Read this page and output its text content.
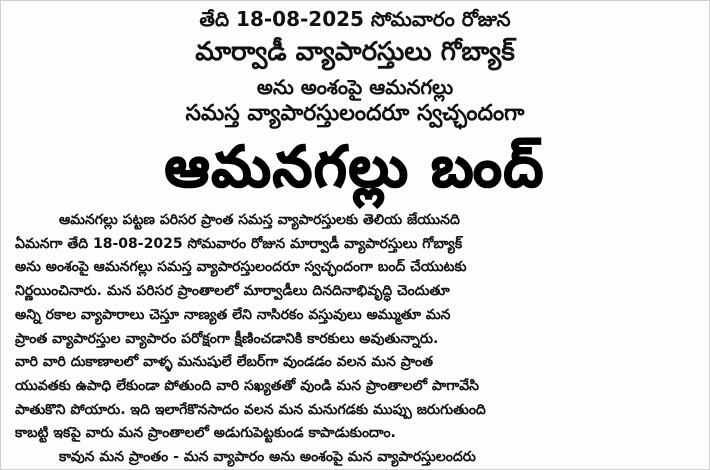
తేది 18-08-2025 సోమవారం రోజున
మార్వాడీ వ్యాపారస్తులు గోబ్యాక్
అను అంశంపై ఆమనగల్లు
సమస్త వ్యాపారస్తులందరూ స్వచ్ఛందంగా
ఆమనగల్లు బంద్
ఆమనగల్లు పట్టణ పరిసర ప్రాంత సమస్త వ్యాపారస్తులకు తెలియ జేయునది
ఏమనగా తేది 18-08-2025 సోమవారం రోజున మార్వాడీ వ్యాపారస్తులు గోబ్యాక్
అను అంశంపై ఆమనగల్లు సమస్త వ్యాపారస్తులందరూ స్వచ్ఛందంగా బంద్ చేయుటకు
నిర్ణయించినారు. మన పరిసర ప్రాంతాలలో మార్వాడీలు దినదినాభివృద్ధి చెందుతూ
అన్ని రకాల వ్యాపారాలు చెస్తూ నాణ్యత లేని నాసిరకం వస్తువులు అమ్ముతూ మన
ప్రాంత వ్యాపారస్తుల వ్యాపారం పరోక్షంగా క్షీణించడానికి కారకులు అవుతున్నారు.
వారి వారి దుకాణాలలో వాళ్ళ మనుషులే లేబర్‌గా వుండడం వలన మన ప్రాంత
యువతకు ఉపాధి లేకుండా పోతుంది వారి సఖ్యతతో వుండి మన ప్రాంతాలలో పాగావేసి
పాతుకొని పోయారు. ఇది ఇలాగేకొనసాదం వలన మన మనుగడకు ముప్పు జరుగుతుంది
కాబట్టి ఇకపై వారు మన ప్రాంతాలలో అడుగుపెట్టకుండ కాపాడుకుందాం.
కావున మన ప్రాంతం - మన వ్యాపారం అను అంశంపై మన వ్యాపారస్తులందరు
